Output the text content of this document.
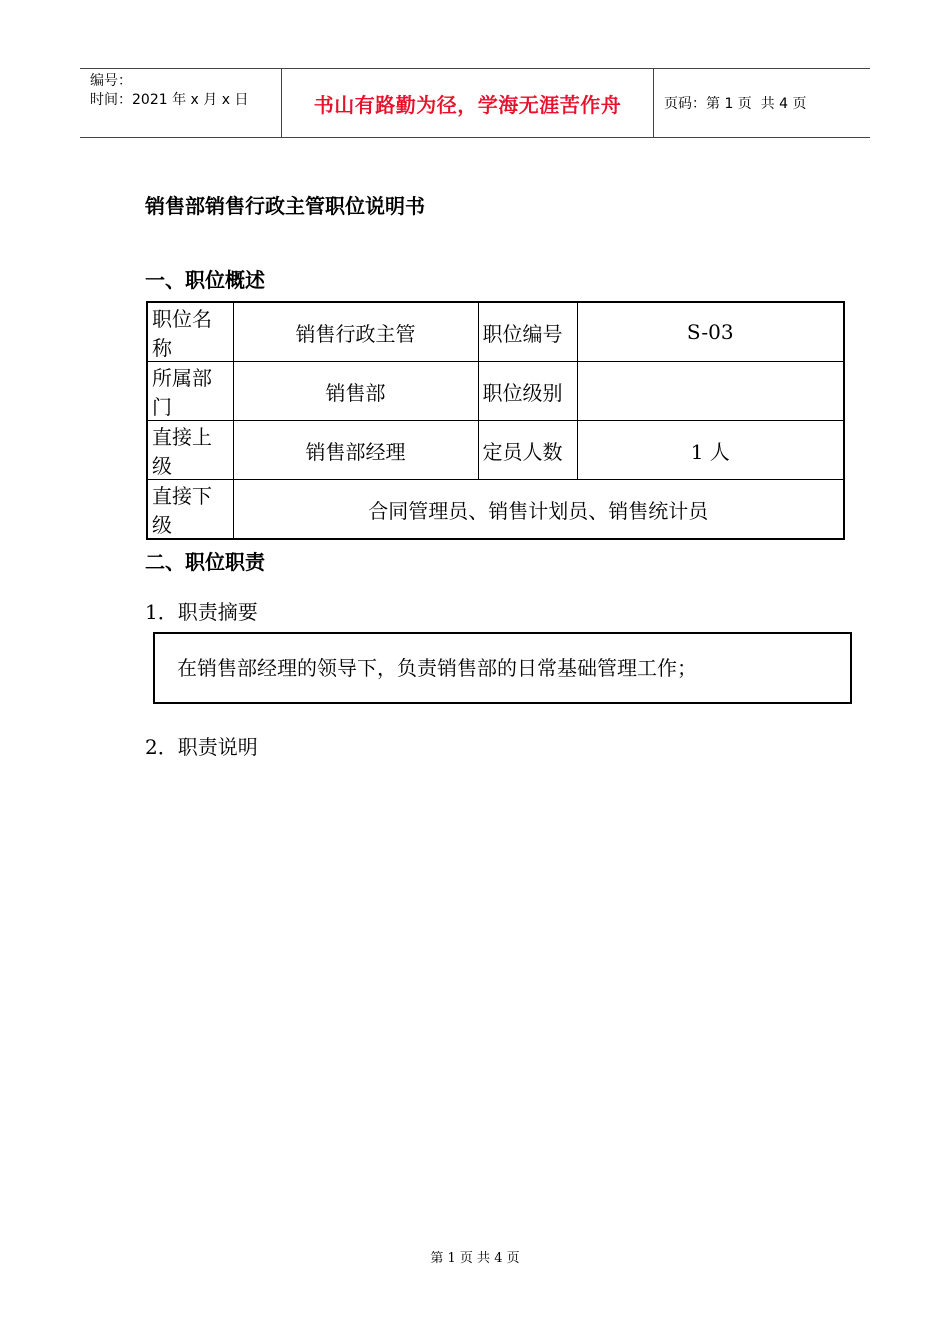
编号：
时间：2021 年 x 月 x 日	书山有路勤为径，学海无涯苦作舟	页码：第 1 页  共 4 页
销售部销售行政主管职位说明书
一、职位概述
职位名称	销售行政主管	职位编号	S-03
所属部门	销售部	职位级别	
直接上级	销售部经理	定员人数	1 人
直接下级	合同管理员、销售计划员、销售统计员		
二、职位职责
1．职责摘要
在销售部经理的领导下，负责销售部的日常基础管理工作；
2．职责说明
第 1 页 共 4 页
